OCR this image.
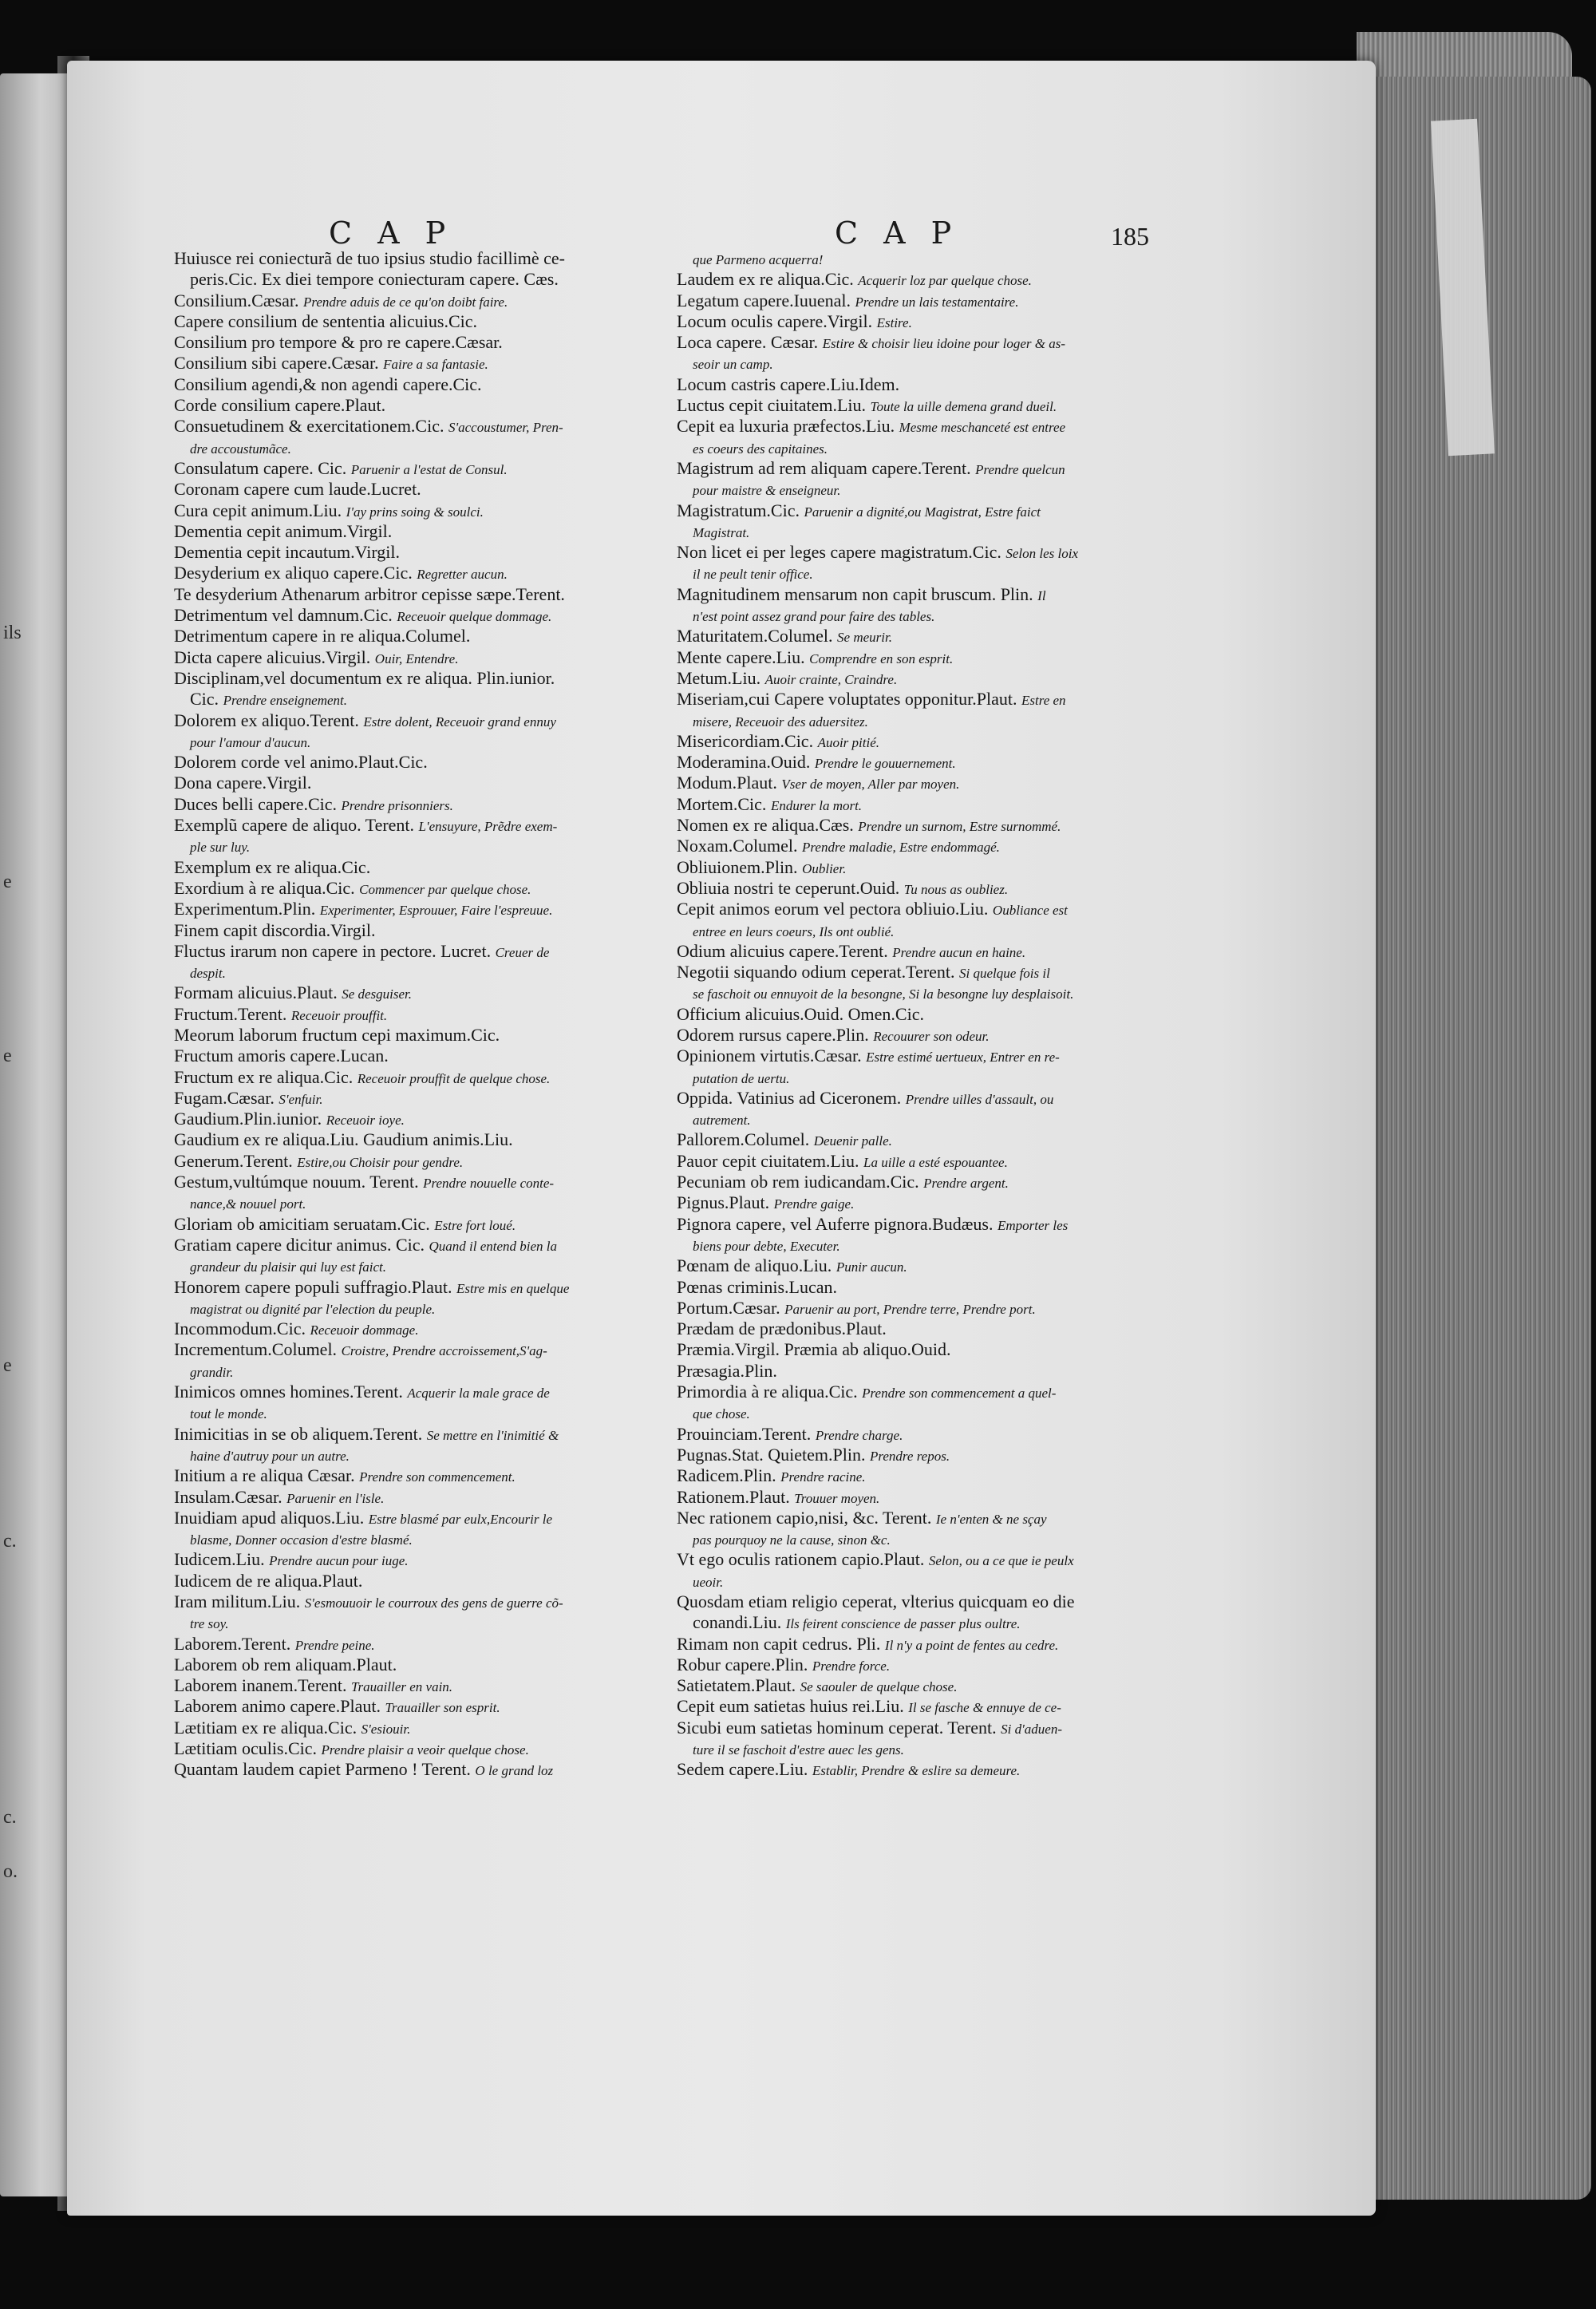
ils
e
e
e
c.
c.
o.
C A P	C A P	185
Huiusce rei coniecturã de tuo ipsius studio facillimè ce-
peris.Cic. Ex diei tempore coniecturam capere. Cæs.
Consilium.Cæsar. Prendre aduis de ce qu'on doibt faire.
Capere consilium de sententia alicuius.Cic.
Consilium pro tempore & pro re capere.Cæsar.
Consilium sibi capere.Cæsar. Faire a sa fantasie.
Consilium agendi,& non agendi capere.Cic.
Corde consilium capere.Plaut.
Consuetudinem & exercitationem.Cic. S'accoustumer, Pren-
dre accoustumãce.
Consulatum capere. Cic. Paruenir a l'estat de Consul.
Coronam capere cum laude.Lucret.
Cura cepit animum.Liu. I'ay prins soing & soulci.
Dementia cepit animum.Virgil.
Dementia cepit incautum.Virgil.
Desyderium ex aliquo capere.Cic. Regretter aucun.
Te desyderium Athenarum arbitror cepisse sæpe.Terent.
Detrimentum vel damnum.Cic. Receuoir quelque dommage.
Detrimentum capere in re aliqua.Columel.
Dicta capere alicuius.Virgil. Ouir, Entendre.
Disciplinam,vel documentum ex re aliqua. Plin.iunior.
Cic. Prendre enseignement.
Dolorem ex aliquo.Terent. Estre dolent, Receuoir grand ennuy
pour l'amour d'aucun.
Dolorem corde vel animo.Plaut.Cic.
Dona capere.Virgil.
Duces belli capere.Cic. Prendre prisonniers.
Exemplũ capere de aliquo. Terent. L'ensuyure, Prẽdre exem-
ple sur luy.
Exemplum ex re aliqua.Cic.
Exordium à re aliqua.Cic. Commencer par quelque chose.
Experimentum.Plin. Experimenter, Esprouuer, Faire l'espreuue.
Finem capit discordia.Virgil.
Fluctus irarum non capere in pectore. Lucret. Creuer de
despit.
Formam alicuius.Plaut. Se desguiser.
Fructum.Terent. Receuoir prouffit.
Meorum laborum fructum cepi maximum.Cic.
Fructum amoris capere.Lucan.
Fructum ex re aliqua.Cic. Receuoir prouffit de quelque chose.
Fugam.Cæsar. S'enfuir.
Gaudium.Plin.iunior. Receuoir ioye.
Gaudium ex re aliqua.Liu. Gaudium animis.Liu.
Generum.Terent. Estire,ou Choisir pour gendre.
Gestum,vultúmque nouum. Terent. Prendre nouuelle conte-
nance,& nouuel port.
Gloriam ob amicitiam seruatam.Cic. Estre fort loué.
Gratiam capere dicitur animus. Cic. Quand il entend bien la
grandeur du plaisir qui luy est faict.
Honorem capere populi suffragio.Plaut. Estre mis en quelque
magistrat ou dignité par l'election du peuple.
Incommodum.Cic. Receuoir dommage.
Incrementum.Columel. Croistre, Prendre accroissement,S'ag-
grandir.
Inimicos omnes homines.Terent. Acquerir la male grace de
tout le monde.
Inimicitias in se ob aliquem.Terent. Se mettre en l'inimitié &
haine d'autruy pour un autre.
Initium a re aliqua Cæsar. Prendre son commencement.
Insulam.Cæsar. Paruenir en l'isle.
Inuidiam apud aliquos.Liu. Estre blasmé par eulx,Encourir le
blasme, Donner occasion d'estre blasmé.
Iudicem.Liu. Prendre aucun pour iuge.
Iudicem de re aliqua.Plaut.
Iram militum.Liu. S'esmouuoir le courroux des gens de guerre cõ-
tre soy.
Laborem.Terent. Prendre peine.
Laborem ob rem aliquam.Plaut.
Laborem inanem.Terent. Trauailler en vain.
Laborem animo capere.Plaut. Trauailler son esprit.
Lætitiam ex re aliqua.Cic. S'esiouir.
Lætitiam oculis.Cic. Prendre plaisir a veoir quelque chose.
Quantam laudem capiet Parmeno ! Terent. O le grand loz
que Parmeno acquerra!
Laudem ex re aliqua.Cic. Acquerir loz par quelque chose.
Legatum capere.Iuuenal. Prendre un lais testamentaire.
Locum oculis capere.Virgil. Estire.
Loca capere. Cæsar. Estire & choisir lieu idoine pour loger & as-
seoir un camp.
Locum castris capere.Liu.Idem.
Luctus cepit ciuitatem.Liu. Toute la uille demena grand dueil.
Cepit ea luxuria præfectos.Liu. Mesme meschanceté est entree
es coeurs des capitaines.
Magistrum ad rem aliquam capere.Terent. Prendre quelcun
pour maistre & enseigneur.
Magistratum.Cic. Paruenir a dignité,ou Magistrat, Estre faict
Magistrat.
Non licet ei per leges capere magistratum.Cic. Selon les loix
il ne peult tenir office.
Magnitudinem mensarum non capit bruscum. Plin. Il
n'est point assez grand pour faire des tables.
Maturitatem.Columel. Se meurir.
Mente capere.Liu. Comprendre en son esprit.
Metum.Liu. Auoir crainte, Craindre.
Miseriam,cui Capere voluptates opponitur.Plaut. Estre en
misere, Receuoir des aduersitez.
Misericordiam.Cic. Auoir pitié.
Moderamina.Ouid. Prendre le gouuernement.
Modum.Plaut. Vser de moyen, Aller par moyen.
Mortem.Cic. Endurer la mort.
Nomen ex re aliqua.Cæs. Prendre un surnom, Estre surnommé.
Noxam.Columel. Prendre maladie, Estre endommagé.
Obliuionem.Plin. Oublier.
Obliuia nostri te ceperunt.Ouid. Tu nous as oubliez.
Cepit animos eorum vel pectora obliuio.Liu. Oubliance est
entree en leurs coeurs, Ils ont oublié.
Odium alicuius capere.Terent. Prendre aucun en haine.
Negotii siquando odium ceperat.Terent. Si quelque fois il
se faschoit ou ennuyoit de la besongne, Si la besongne luy desplaisoit.
Officium alicuius.Ouid. Omen.Cic.
Odorem rursus capere.Plin. Recouurer son odeur.
Opinionem virtutis.Cæsar. Estre estimé uertueux, Entrer en re-
putation de uertu.
Oppida. Vatinius ad Ciceronem. Prendre uilles d'assault, ou
autrement.
Pallorem.Columel. Deuenir palle.
Pauor cepit ciuitatem.Liu. La uille a esté espouantee.
Pecuniam ob rem iudicandam.Cic. Prendre argent.
Pignus.Plaut. Prendre gaige.
Pignora capere, vel Auferre pignora.Budæus. Emporter les
biens pour debte, Executer.
Pœnam de aliquo.Liu. Punir aucun.
Pœnas criminis.Lucan.
Portum.Cæsar. Paruenir au port, Prendre terre, Prendre port.
Prædam de prædonibus.Plaut.
Præmia.Virgil. Præmia ab aliquo.Ouid.
Præsagia.Plin.
Primordia à re aliqua.Cic. Prendre son commencement a quel-
que chose.
Prouinciam.Terent. Prendre charge.
Pugnas.Stat. Quietem.Plin. Prendre repos.
Radicem.Plin. Prendre racine.
Rationem.Plaut. Trouuer moyen.
Nec rationem capio,nisi, &c. Terent. Ie n'enten & ne sçay
pas pourquoy ne la cause, sinon &c.
Vt ego oculis rationem capio.Plaut. Selon, ou a ce que ie peulx
ueoir.
Quosdam etiam religio ceperat, vlterius quicquam eo die
conandi.Liu. Ils feirent conscience de passer plus oultre.
Rimam non capit cedrus. Pli. Il n'y a point de fentes au cedre.
Robur capere.Plin. Prendre force.
Satietatem.Plaut. Se saouler de quelque chose.
Cepit eum satietas huius rei.Liu. Il se fasche & ennuye de ce-
Sicubi eum satietas hominum ceperat. Terent. Si d'aduen-
ture il se faschoit d'estre auec les gens.
Sedem capere.Liu. Establir, Prendre & eslire sa demeure.
